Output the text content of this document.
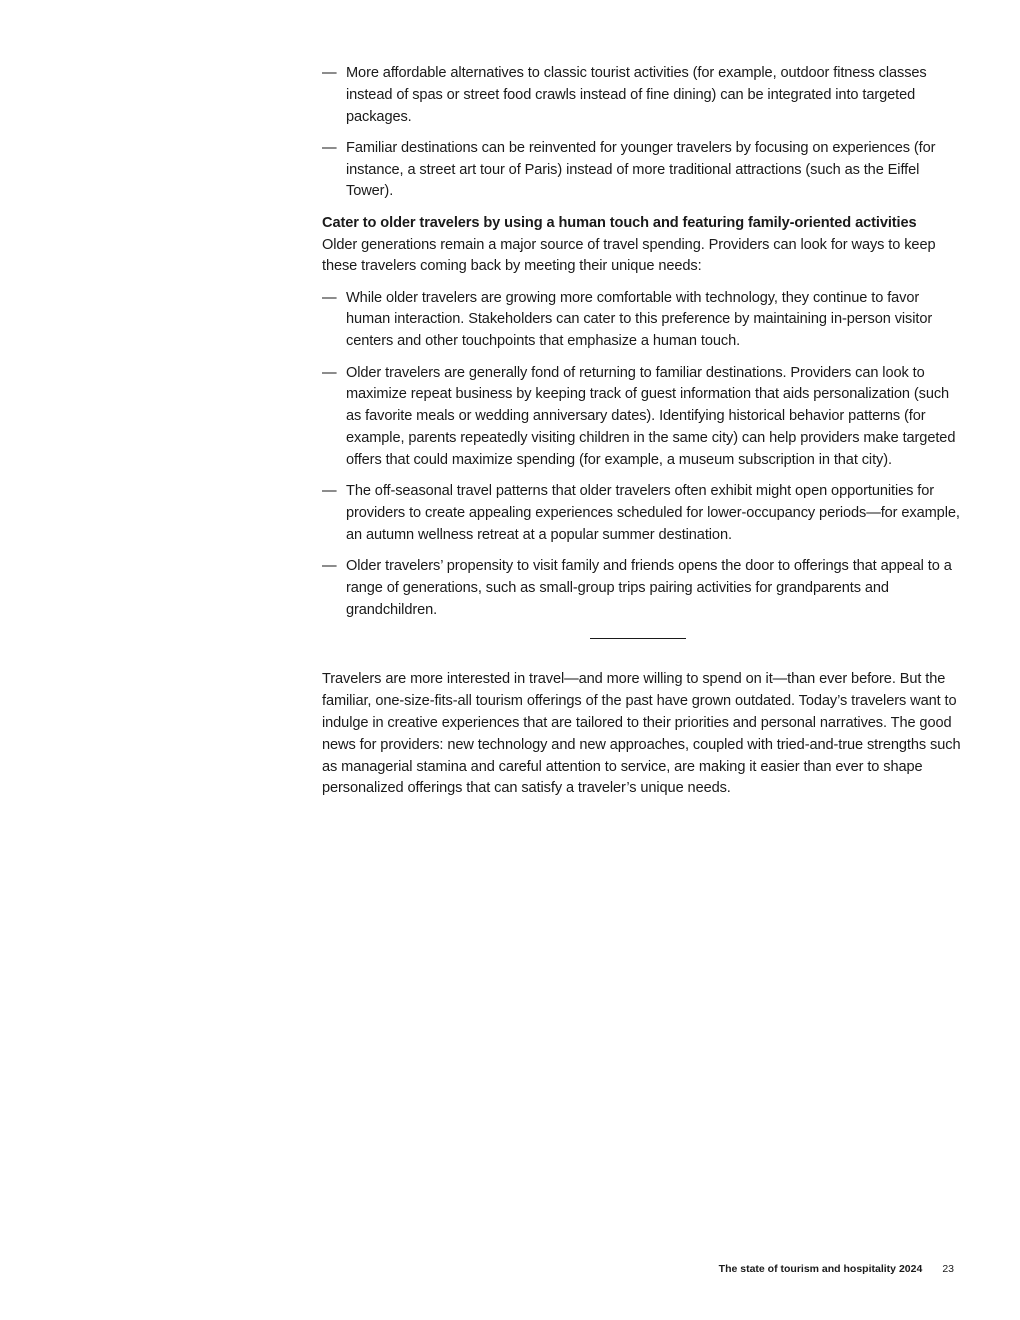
— More affordable alternatives to classic tourist activities (for example, outdoor fitness classes instead of spas or street food crawls instead of fine dining) can be integrated into targeted packages.
— Familiar destinations can be reinvented for younger travelers by focusing on experiences (for instance, a street art tour of Paris) instead of more traditional attractions (such as the Eiffel Tower).

Cater to older travelers by using a human touch and featuring family-oriented activities

Older generations remain a major source of travel spending. Providers can look for ways to keep these travelers coming back by meeting their unique needs:

— While older travelers are growing more comfortable with technology, they continue to favor human interaction. Stakeholders can cater to this preference by maintaining in-person visitor centers and other touchpoints that emphasize a human touch.
— Older travelers are generally fond of returning to familiar destinations. Providers can look to maximize repeat business by keeping track of guest information that aids personalization (such as favorite meals or wedding anniversary dates). Identifying historical behavior patterns (for example, parents repeatedly visiting children in the same city) can help providers make targeted offers that could maximize spending (for example, a museum subscription in that city).
— The off-seasonal travel patterns that older travelers often exhibit might open opportunities for providers to create appealing experiences scheduled for lower-occupancy periods—for example, an autumn wellness retreat at a popular summer destination.
— Older travelers’ propensity to visit family and friends opens the door to offerings that appeal to a range of generations, such as small-group trips pairing activities for grandparents and grandchildren.

Travelers are more interested in travel—and more willing to spend on it—than ever before. But the familiar, one-size-fits-all tourism offerings of the past have grown outdated. Today’s travelers want to indulge in creative experiences that are tailored to their priorities and personal narratives. The good news for providers: new technology and new approaches, coupled with tried-and-true strengths such as managerial stamina and careful attention to service, are making it easier than ever to shape personalized offerings that can satisfy a traveler’s unique needs.

The state of tourism and hospitality 2024 23
